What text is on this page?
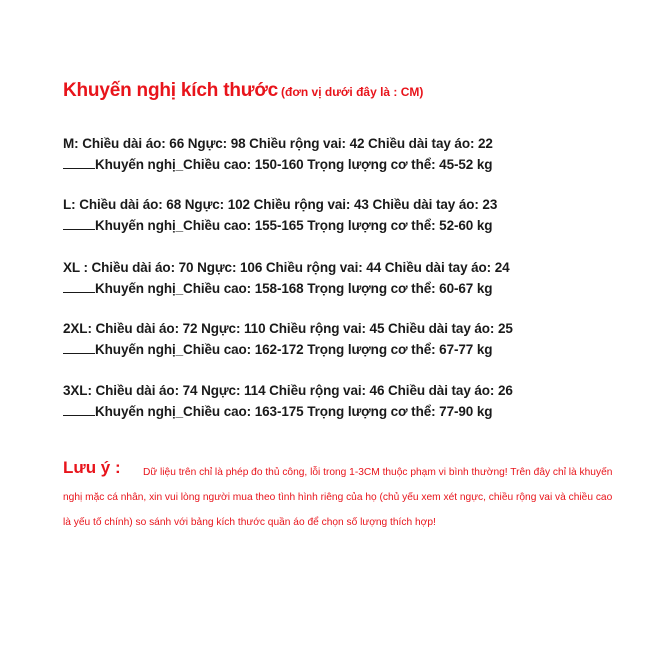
Khuyến nghị kích thước (đơn vị dưới đây là : CM)
M: Chiều dài áo: 66 Ngực: 98 Chiều rộng vai: 42 Chiều dài tay áo: 22
Khuyến nghị_Chiều cao: 150-160 Trọng lượng cơ thể: 45-52 kg
L: Chiều dài áo: 68 Ngực: 102 Chiều rộng vai: 43 Chiều dài tay áo: 23
Khuyến nghị_Chiều cao: 155-165 Trọng lượng cơ thể: 52-60 kg
XL : Chiều dài áo: 70 Ngực: 106 Chiều rộng vai: 44 Chiều dài tay áo: 24
Khuyến nghị_Chiều cao: 158-168 Trọng lượng cơ thể: 60-67 kg
2XL: Chiều dài áo: 72 Ngực: 110 Chiều rộng vai: 45 Chiều dài tay áo: 25
Khuyến nghị_Chiều cao: 162-172 Trọng lượng cơ thể: 67-77 kg
3XL: Chiều dài áo: 74 Ngực: 114 Chiều rộng vai: 46 Chiều dài tay áo: 26
Khuyến nghị_Chiều cao: 163-175 Trọng lượng cơ thể: 77-90 kg
Lưu ý :	Dữ liệu trên chỉ là phép đo thủ công, lỗi trong 1-3CM thuộc phạm vi bình thường! Trên đây chỉ là khuyến nghị mặc cá nhân, xin vui lòng người mua theo tình hình riêng của họ (chủ yếu xem xét ngực, chiều rộng vai và chiều cao là yếu tố chính) so sánh với bảng kích thước quần áo để chọn số lượng thích hợp!
